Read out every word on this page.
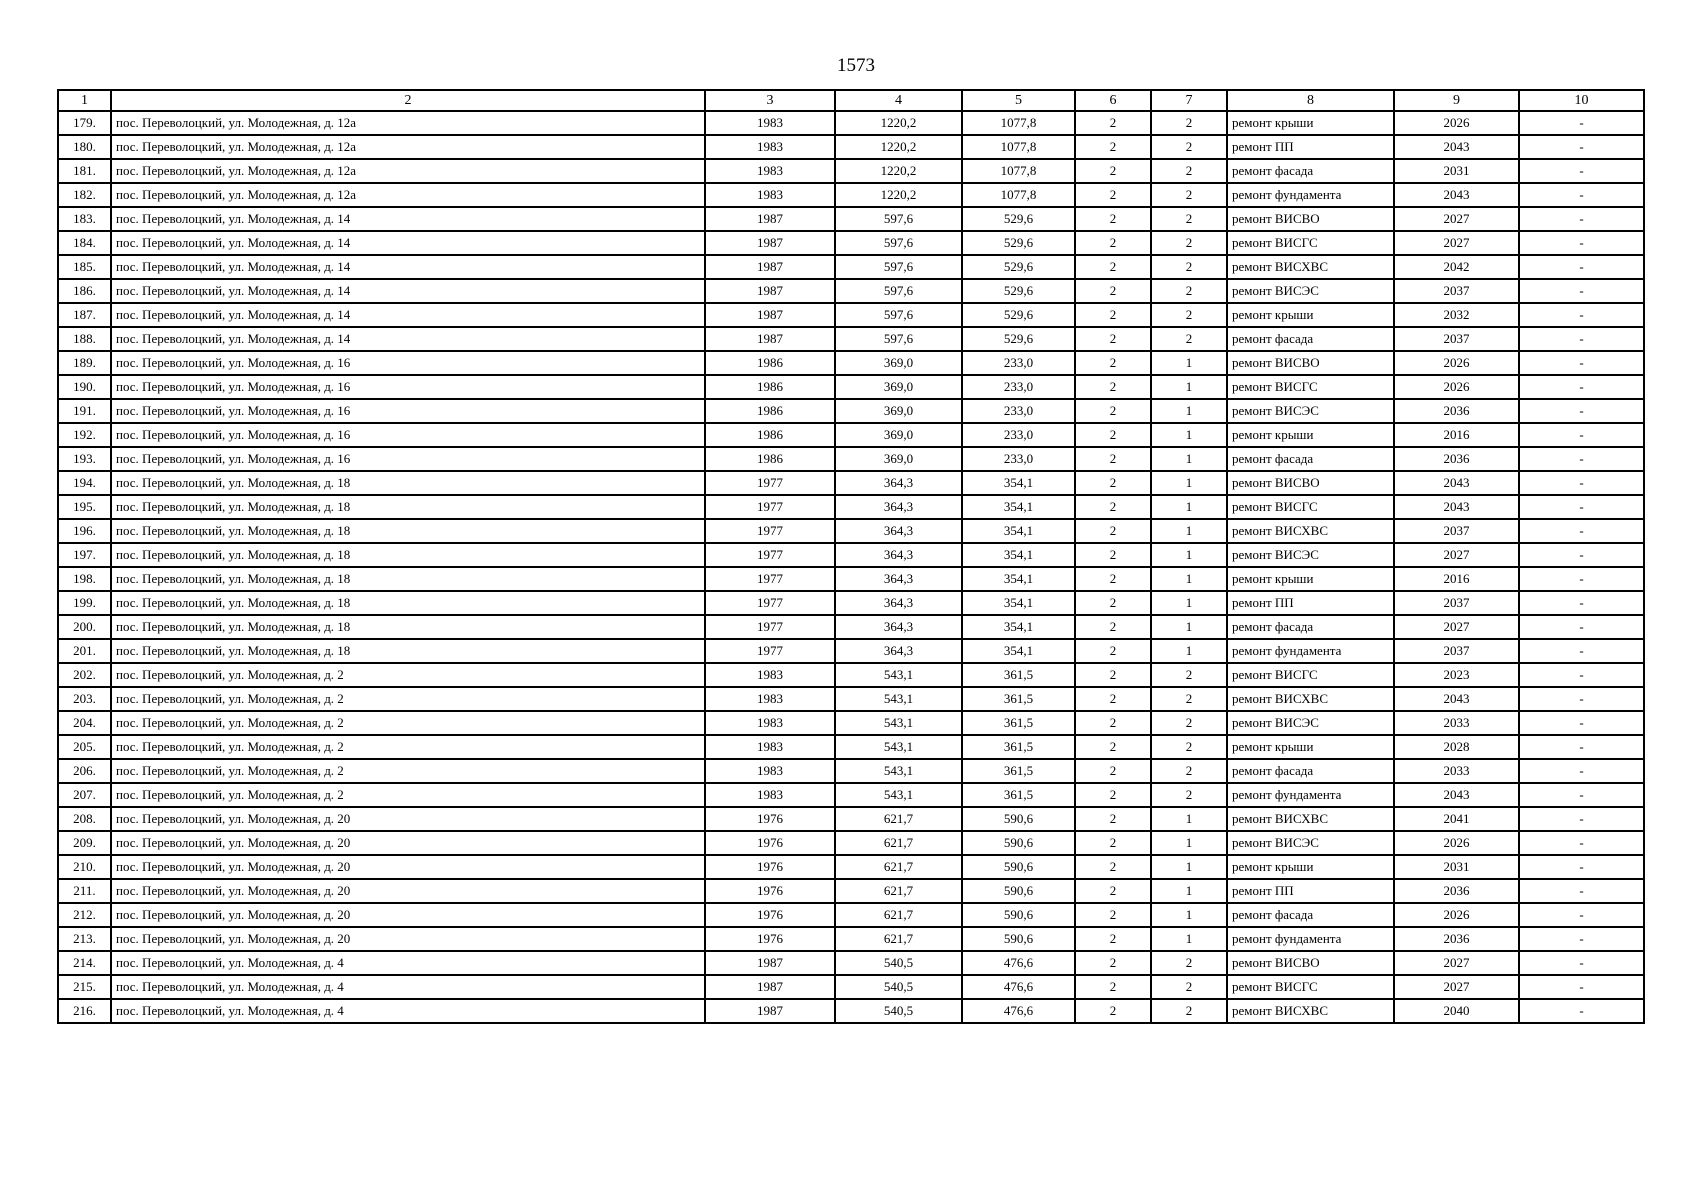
1573
1	2	3	4	5	6	7	8	9	10
179.	пос. Переволоцкий, ул. Молодежная, д. 12а	1983	1220,2	1077,8	2	2	ремонт крыши	2026	-
180.	пос. Переволоцкий, ул. Молодежная, д. 12а	1983	1220,2	1077,8	2	2	ремонт ПП	2043	-
181.	пос. Переволоцкий, ул. Молодежная, д. 12а	1983	1220,2	1077,8	2	2	ремонт фасада	2031	-
182.	пос. Переволоцкий, ул. Молодежная, д. 12а	1983	1220,2	1077,8	2	2	ремонт фундамента	2043	-
183.	пос. Переволоцкий, ул. Молодежная, д. 14	1987	597,6	529,6	2	2	ремонт ВИСВО	2027	-
184.	пос. Переволоцкий, ул. Молодежная, д. 14	1987	597,6	529,6	2	2	ремонт ВИСГС	2027	-
185.	пос. Переволоцкий, ул. Молодежная, д. 14	1987	597,6	529,6	2	2	ремонт ВИСХВС	2042	-
186.	пос. Переволоцкий, ул. Молодежная, д. 14	1987	597,6	529,6	2	2	ремонт ВИСЭС	2037	-
187.	пос. Переволоцкий, ул. Молодежная, д. 14	1987	597,6	529,6	2	2	ремонт крыши	2032	-
188.	пос. Переволоцкий, ул. Молодежная, д. 14	1987	597,6	529,6	2	2	ремонт фасада	2037	-
189.	пос. Переволоцкий, ул. Молодежная, д. 16	1986	369,0	233,0	2	1	ремонт ВИСВО	2026	-
190.	пос. Переволоцкий, ул. Молодежная, д. 16	1986	369,0	233,0	2	1	ремонт ВИСГС	2026	-
191.	пос. Переволоцкий, ул. Молодежная, д. 16	1986	369,0	233,0	2	1	ремонт ВИСЭС	2036	-
192.	пос. Переволоцкий, ул. Молодежная, д. 16	1986	369,0	233,0	2	1	ремонт крыши	2016	-
193.	пос. Переволоцкий, ул. Молодежная, д. 16	1986	369,0	233,0	2	1	ремонт фасада	2036	-
194.	пос. Переволоцкий, ул. Молодежная, д. 18	1977	364,3	354,1	2	1	ремонт ВИСВО	2043	-
195.	пос. Переволоцкий, ул. Молодежная, д. 18	1977	364,3	354,1	2	1	ремонт ВИСГС	2043	-
196.	пос. Переволоцкий, ул. Молодежная, д. 18	1977	364,3	354,1	2	1	ремонт ВИСХВС	2037	-
197.	пос. Переволоцкий, ул. Молодежная, д. 18	1977	364,3	354,1	2	1	ремонт ВИСЭС	2027	-
198.	пос. Переволоцкий, ул. Молодежная, д. 18	1977	364,3	354,1	2	1	ремонт крыши	2016	-
199.	пос. Переволоцкий, ул. Молодежная, д. 18	1977	364,3	354,1	2	1	ремонт ПП	2037	-
200.	пос. Переволоцкий, ул. Молодежная, д. 18	1977	364,3	354,1	2	1	ремонт фасада	2027	-
201.	пос. Переволоцкий, ул. Молодежная, д. 18	1977	364,3	354,1	2	1	ремонт фундамента	2037	-
202.	пос. Переволоцкий, ул. Молодежная, д. 2	1983	543,1	361,5	2	2	ремонт ВИСГС	2023	-
203.	пос. Переволоцкий, ул. Молодежная, д. 2	1983	543,1	361,5	2	2	ремонт ВИСХВС	2043	-
204.	пос. Переволоцкий, ул. Молодежная, д. 2	1983	543,1	361,5	2	2	ремонт ВИСЭС	2033	-
205.	пос. Переволоцкий, ул. Молодежная, д. 2	1983	543,1	361,5	2	2	ремонт крыши	2028	-
206.	пос. Переволоцкий, ул. Молодежная, д. 2	1983	543,1	361,5	2	2	ремонт фасада	2033	-
207.	пос. Переволоцкий, ул. Молодежная, д. 2	1983	543,1	361,5	2	2	ремонт фундамента	2043	-
208.	пос. Переволоцкий, ул. Молодежная, д. 20	1976	621,7	590,6	2	1	ремонт ВИСХВС	2041	-
209.	пос. Переволоцкий, ул. Молодежная, д. 20	1976	621,7	590,6	2	1	ремонт ВИСЭС	2026	-
210.	пос. Переволоцкий, ул. Молодежная, д. 20	1976	621,7	590,6	2	1	ремонт крыши	2031	-
211.	пос. Переволоцкий, ул. Молодежная, д. 20	1976	621,7	590,6	2	1	ремонт ПП	2036	-
212.	пос. Переволоцкий, ул. Молодежная, д. 20	1976	621,7	590,6	2	1	ремонт фасада	2026	-
213.	пос. Переволоцкий, ул. Молодежная, д. 20	1976	621,7	590,6	2	1	ремонт фундамента	2036	-
214.	пос. Переволоцкий, ул. Молодежная, д. 4	1987	540,5	476,6	2	2	ремонт ВИСВО	2027	-
215.	пос. Переволоцкий, ул. Молодежная, д. 4	1987	540,5	476,6	2	2	ремонт ВИСГС	2027	-
216.	пос. Переволоцкий, ул. Молодежная, д. 4	1987	540,5	476,6	2	2	ремонт ВИСХВС	2040	-
